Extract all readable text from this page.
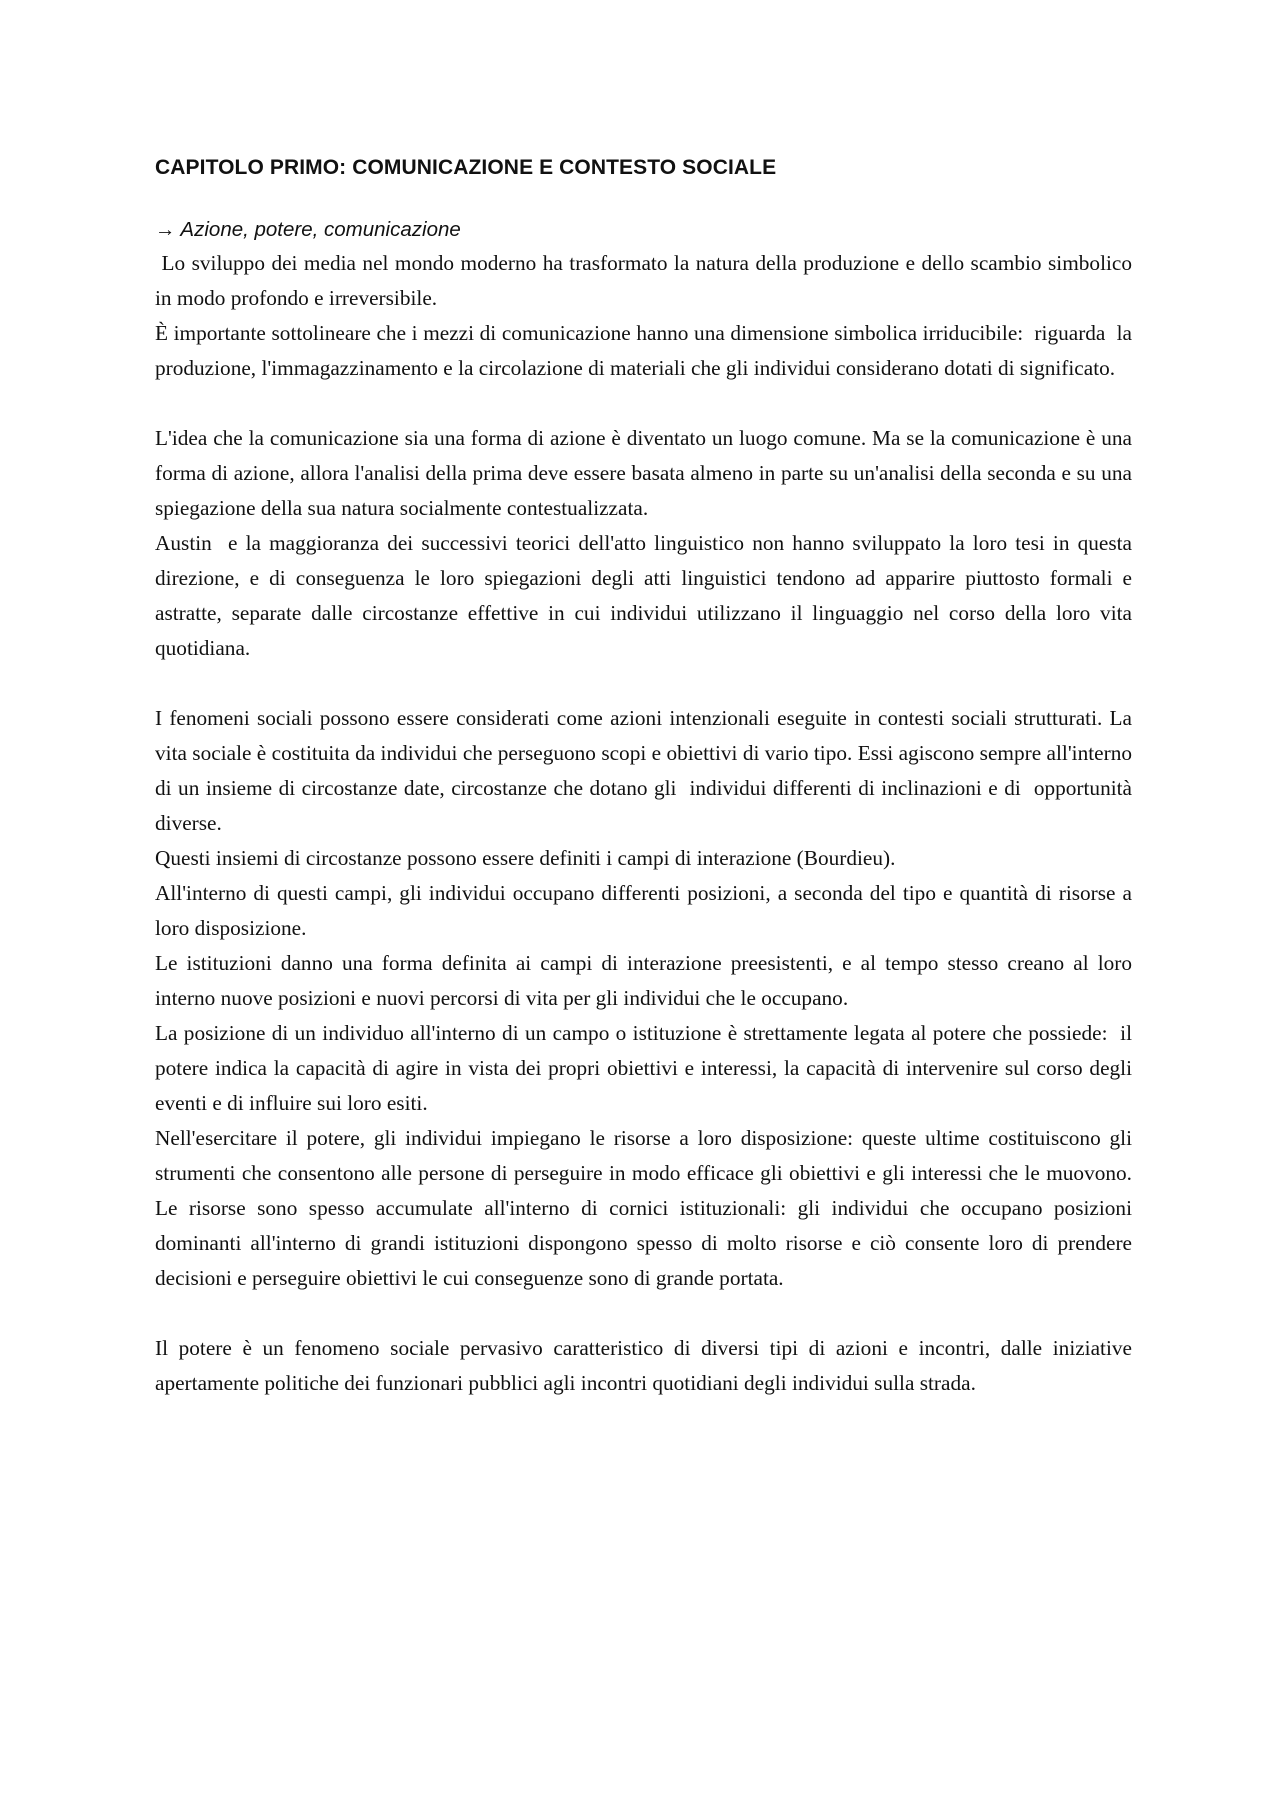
CAPITOLO PRIMO: COMUNICAZIONE E CONTESTO SOCIALE
→ Azione, potere, comunicazione

Lo sviluppo dei media nel mondo moderno ha trasformato la natura della produzione e dello scambio simbolico in modo profondo e irreversibile.

È importante sottolineare che i mezzi di comunicazione hanno una dimensione simbolica irriducibile:  riguarda  la produzione, l'immagazzinamento e la circolazione di materiali che gli individui considerano dotati di significato.

L'idea che la comunicazione sia una forma di azione è diventato un luogo comune. Ma se la comunicazione è una forma di azione, allora l'analisi della prima deve essere basata almeno in parte su un'analisi della seconda e su una spiegazione della sua natura socialmente contestualizzata.

Austin  e la maggioranza dei successivi teorici dell'atto linguistico non hanno sviluppato la loro tesi in questa direzione, e di conseguenza le loro spiegazioni degli atti linguistici tendono ad apparire piuttosto formali e astratte, separate dalle circostanze effettive in cui individui utilizzano il linguaggio nel corso della loro vita quotidiana.

I fenomeni sociali possono essere considerati come azioni intenzionali eseguite in contesti sociali strutturati. La vita sociale è costituita da individui che perseguono scopi e obiettivi di vario tipo. Essi agiscono sempre all'interno di un insieme di circostanze date, circostanze che dotano gli  individui differenti di inclinazioni e di  opportunità diverse.

Questi insiemi di circostanze possono essere definiti i campi di interazione (Bourdieu).

All'interno di questi campi, gli individui occupano differenti posizioni, a seconda del tipo e quantità di risorse a loro disposizione.

Le istituzioni danno una forma definita ai campi di interazione preesistenti, e al tempo stesso creano al loro interno nuove posizioni e nuovi percorsi di vita per gli individui che le occupano.

La posizione di un individuo all'interno di un campo o istituzione è strettamente legata al potere che possiede:  il potere indica la capacità di agire in vista dei propri obiettivi e interessi, la capacità di intervenire sul corso degli eventi e di influire sui loro esiti.

Nell'esercitare il potere, gli individui impiegano le risorse a loro disposizione: queste ultime costituiscono gli strumenti che consentono alle persone di perseguire in modo efficace gli obiettivi e gli interessi che le muovono. Le risorse sono spesso accumulate all'interno di cornici istituzionali: gli individui che occupano posizioni dominanti all'interno di grandi istituzioni dispongono spesso di molto risorse e ciò consente loro di prendere decisioni e perseguire obiettivi le cui conseguenze sono di grande portata.

Il potere è un fenomeno sociale pervasivo caratteristico di diversi tipi di azioni e incontri, dalle iniziative apertamente politiche dei funzionari pubblici agli incontri quotidiani degli individui sulla strada.
